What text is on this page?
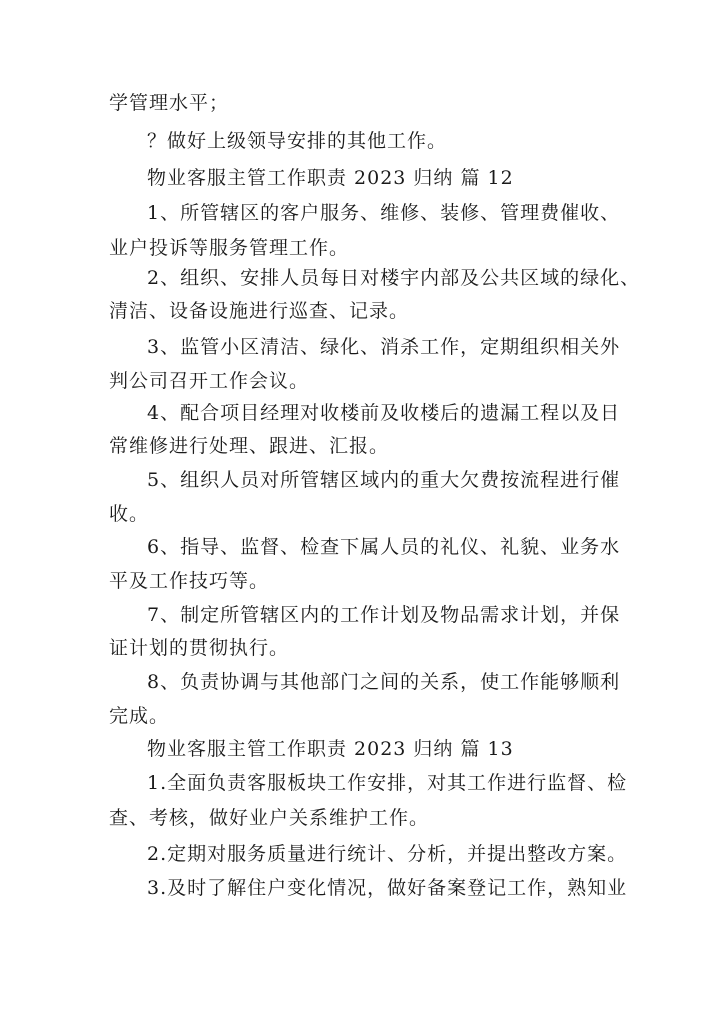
学管理水平；
？做好上级领导安排的其他工作。
物业客服主管工作职责 2023 归纳 篇 12
1、所管辖区的客户服务、维修、装修、管理费催收、
业户投诉等服务管理工作。
2、组织、安排人员每日对楼宇内部及公共区域的绿化、
清洁、设备设施进行巡查、记录。
3、监管小区清洁、绿化、消杀工作，定期组织相关外
判公司召开工作会议。
4、配合项目经理对收楼前及收楼后的遗漏工程以及日
常维修进行处理、跟进、汇报。
5、组织人员对所管辖区域内的重大欠费按流程进行催
收。
6、指导、监督、检查下属人员的礼仪、礼貌、业务水
平及工作技巧等。
7、制定所管辖区内的工作计划及物品需求计划，并保
证计划的贯彻执行。
8、负责协调与其他部门之间的关系，使工作能够顺利
完成。
物业客服主管工作职责 2023 归纳 篇 13
1.全面负责客服板块工作安排，对其工作进行监督、检
查、考核，做好业户关系维护工作。
2.定期对服务质量进行统计、分析，并提出整改方案。
3.及时了解住户变化情况，做好备案登记工作，熟知业
